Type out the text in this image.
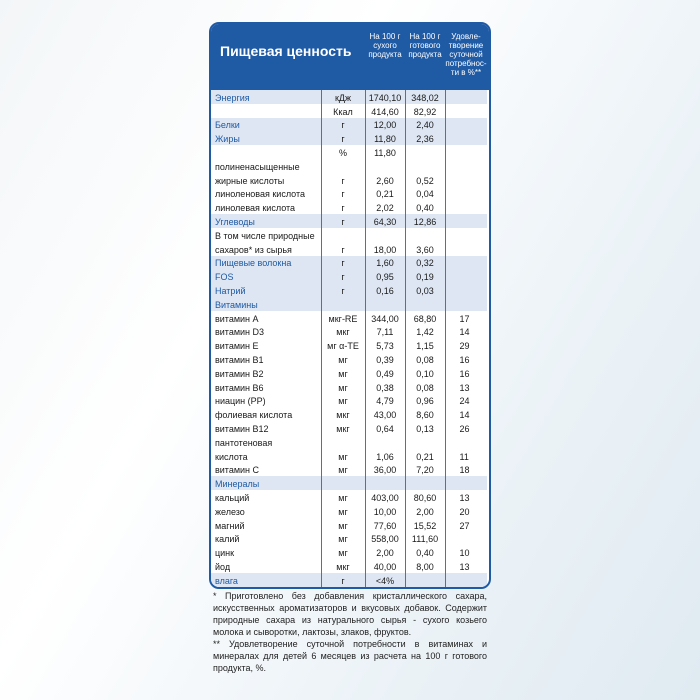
Пищевая ценность
На 100 г сухого продукта
На 100 г готового продукта
Удовле-творение суточной потребнос-ти в %**
Энергия	кДж	1740,10	348,02	
	Ккал	414,60	82,92	
Белки	г	12,00	2,40	
Жиры	г	11,80	2,36	
	%	11,80		
полиненасыщенные				
жирные кислоты	г	2,60	0,52	
линоленовая кислота	г	0,21	0,04	
линолевая кислота	г	2,02	0,40	
Углеводы	г	64,30	12,86	
В том числе природные				
сахаров* из сырья	г	18,00	3,60	
Пищевые волокна	г	1,60	0,32	
FOS	г	0,95	0,19	
Натрий	г	0,16	0,03	
Витамины				
витамин А	мкг-RE	344,00	68,80	17
витамин D3	мкг	7,11	1,42	14
витамин Е	мг α-ТЕ	5,73	1,15	29
витамин В1	мг	0,39	0,08	16
витамин В2	мг	0,49	0,10	16
витамин В6	мг	0,38	0,08	13
ниацин (РР)	мг	4,79	0,96	24
фолиевая кислота	мкг	43,00	8,60	14
витамин В12	мкг	0,64	0,13	26
пантотеновая				
кислота	мг	1,06	0,21	11
витамин С	мг	36,00	7,20	18
Минералы				
кальций	мг	403,00	80,60	13
железо	мг	10,00	2,00	20
магний	мг	77,60	15,52	27
калий	мг	558,00	111,60	
цинк	мг	2,00	0,40	10
йод	мкг	40,00	8,00	13
влага	г	<4%		

* Приготовлено без добавления кристаллического сахара, искусственных ароматизаторов и вкусовых добавок. Содержит природные сахара из натурального сырья - сухого козьего молока и сыворотки, лактозы, злаков, фруктов.

** Удовлетворение суточной потребности в витаминах и минералах для детей 6 месяцев из расчета на 100 г готового продукта, %.
